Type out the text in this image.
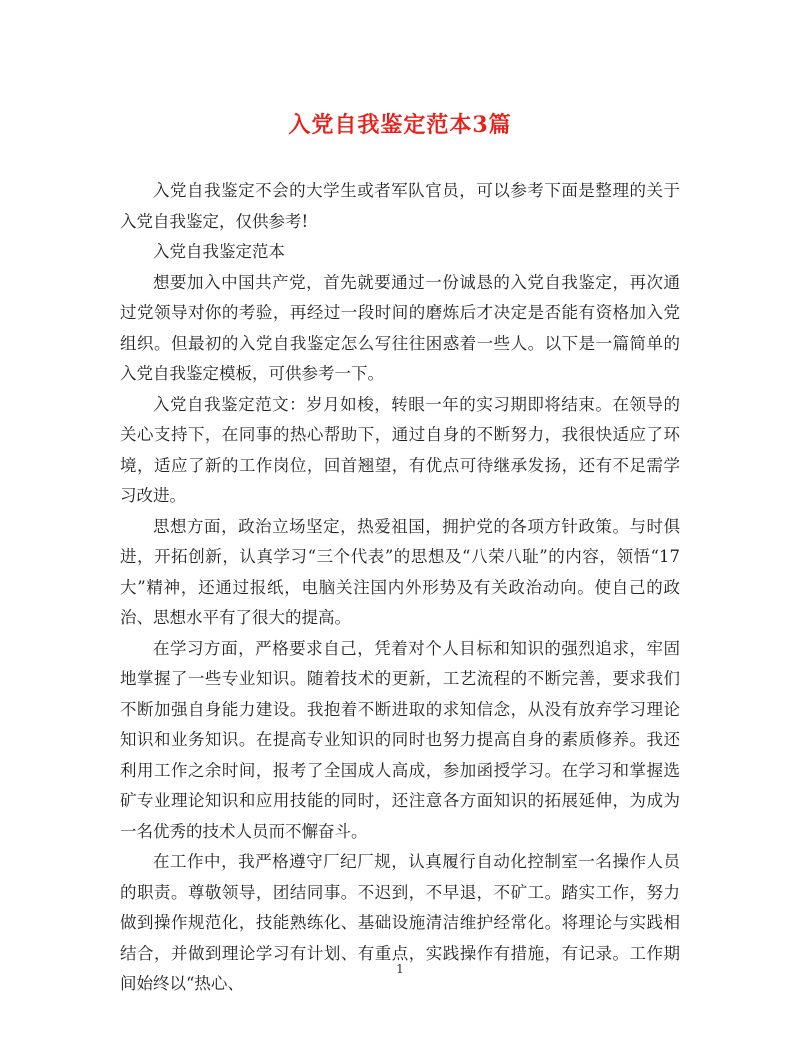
入党自我鉴定范本3篇

入党自我鉴定不会的大学生或者军队官员，可以参考下面是整理的关于入党自我鉴定，仅供参考!

入党自我鉴定范本

想要加入中国共产党，首先就要通过一份诚恳的入党自我鉴定，再次通过党领导对你的考验，再经过一段时间的磨炼后才决定是否能有资格加入党组织。但最初的入党自我鉴定怎么写往往困惑着一些人。以下是一篇简单的入党自我鉴定模板，可供参考一下。

入党自我鉴定范文：岁月如梭，转眼一年的实习期即将结束。在领导的关心支持下，在同事的热心帮助下，通过自身的不断努力，我很快适应了环境，适应了新的工作岗位，回首翘望，有优点可待继承发扬，还有不足需学习改进。

思想方面，政治立场坚定，热爱祖国，拥护党的各项方针政策。与时俱进，开拓创新，认真学习“三个代表”的思想及“八荣八耻”的内容，领悟“17大”精神，还通过报纸，电脑关注国内外形势及有关政治动向。使自己的政治、思想水平有了很大的提高。

在学习方面，严格要求自己，凭着对个人目标和知识的强烈追求，牢固地掌握了一些专业知识。随着技术的更新，工艺流程的不断完善，要求我们不断加强自身能力建设。我抱着不断进取的求知信念，从没有放弃学习理论知识和业务知识。在提高专业知识的同时也努力提高自身的素质修养。我还利用工作之余时间，报考了全国成人高成，参加函授学习。在学习和掌握选矿专业理论知识和应用技能的同时，还注意各方面知识的拓展延伸，为成为一名优秀的技术人员而不懈奋斗。

在工作中，我严格遵守厂纪厂规，认真履行自动化控制室一名操作人员的职责。尊敬领导，团结同事。不迟到，不早退，不矿工。踏实工作，努力做到操作规范化，技能熟练化、基础设施清洁维护经常化。将理论与实践相结合，并做到理论学习有计划、有重点，实践操作有措施，有记录。工作期间始终以“热心、

1
